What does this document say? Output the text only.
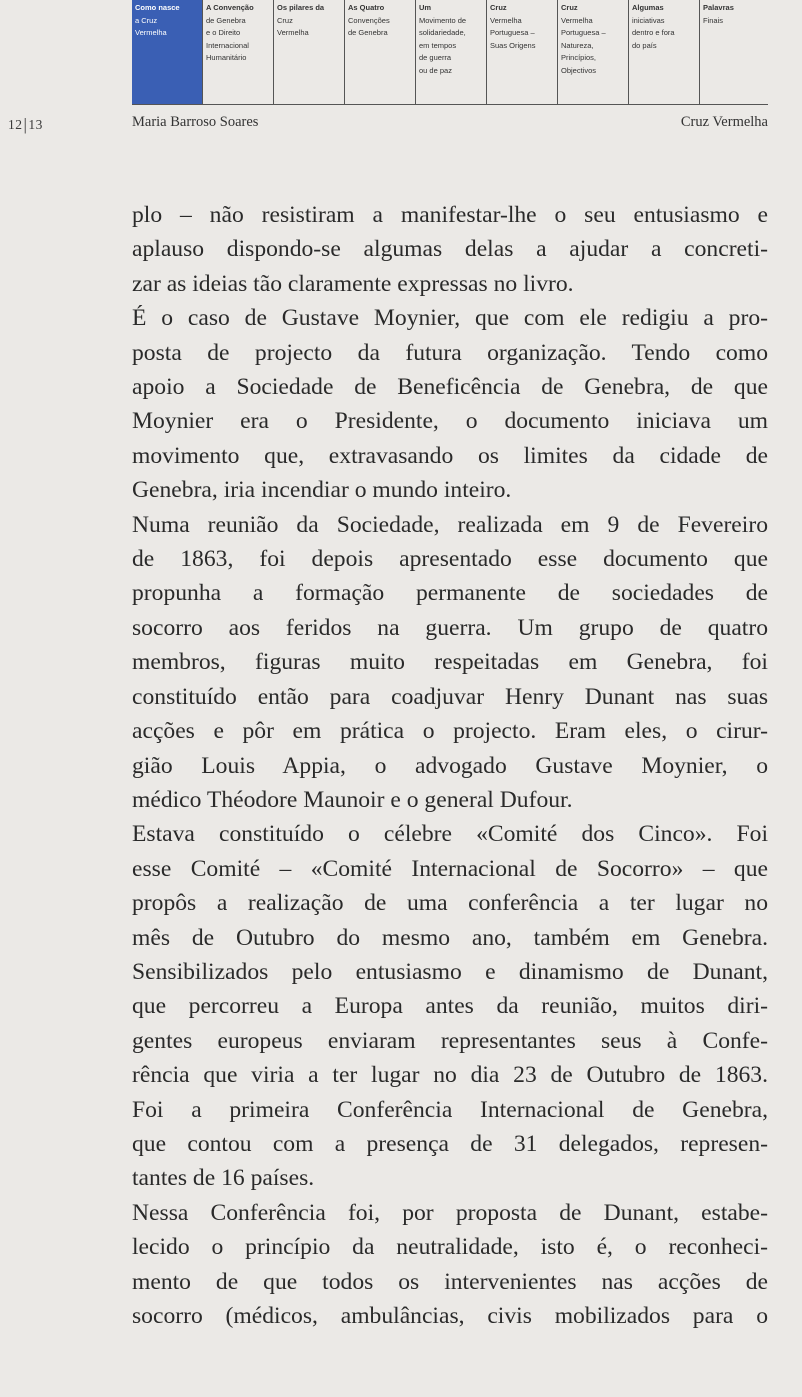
Como nasce
a Cruz
Vermelha
A Convenção
de Genebra
e o Direito
Internacional
Humanitário
Os pilares da
Cruz
Vermelha
As Quatro
Convenções
de Genebra
Um
Movimento de
solidariedade,
em tempos
de guerra
ou de paz
Cruz
Vermelha
Portuguesa –
Suas Origens
Cruz
Vermelha
Portuguesa –
Natureza,
Princípios,
Objectivos
Algumas
iniciativas
dentro e fora
do país
Palavras
Finais
12|13	Maria Barroso Soares	Cruz Vermelha
plo – não resistiram a manifestar-lhe o seu entusiasmo e
aplauso dispondo-se algumas delas a ajudar a concreti-
zar as ideias tão claramente expressas no livro.
É o caso de Gustave Moynier, que com ele redigiu a pro-
posta de projecto da futura organização. Tendo como
apoio a Sociedade de Beneficência de Genebra, de que
Moynier era o Presidente, o documento iniciava um
movimento que, extravasando os limites da cidade de
Genebra, iria incendiar o mundo inteiro.
Numa reunião da Sociedade, realizada em 9 de Fevereiro
de 1863, foi depois apresentado esse documento que
propunha a formação permanente de sociedades de
socorro aos feridos na guerra. Um grupo de quatro
membros, figuras muito respeitadas em Genebra, foi
constituído então para coadjuvar Henry Dunant nas suas
acções e pôr em prática o projecto. Eram eles, o cirur-
gião Louis Appia, o advogado Gustave Moynier, o
médico Théodore Maunoir e o general Dufour.
Estava constituído o célebre «Comité dos Cinco». Foi
esse Comité – «Comité Internacional de Socorro» – que
propôs a realização de uma conferência a ter lugar no
mês de Outubro do mesmo ano, também em Genebra.
Sensibilizados pelo entusiasmo e dinamismo de Dunant,
que percorreu a Europa antes da reunião, muitos diri-
gentes europeus enviaram representantes seus à Confe-
rência que viria a ter lugar no dia 23 de Outubro de 1863.
Foi a primeira Conferência Internacional de Genebra,
que contou com a presença de 31 delegados, represen-
tantes de 16 países.
Nessa Conferência foi, por proposta de Dunant, estabe-
lecido o princípio da neutralidade, isto é, o reconheci-
mento de que todos os intervenientes nas acções de
socorro (médicos, ambulâncias, civis mobilizados para o
